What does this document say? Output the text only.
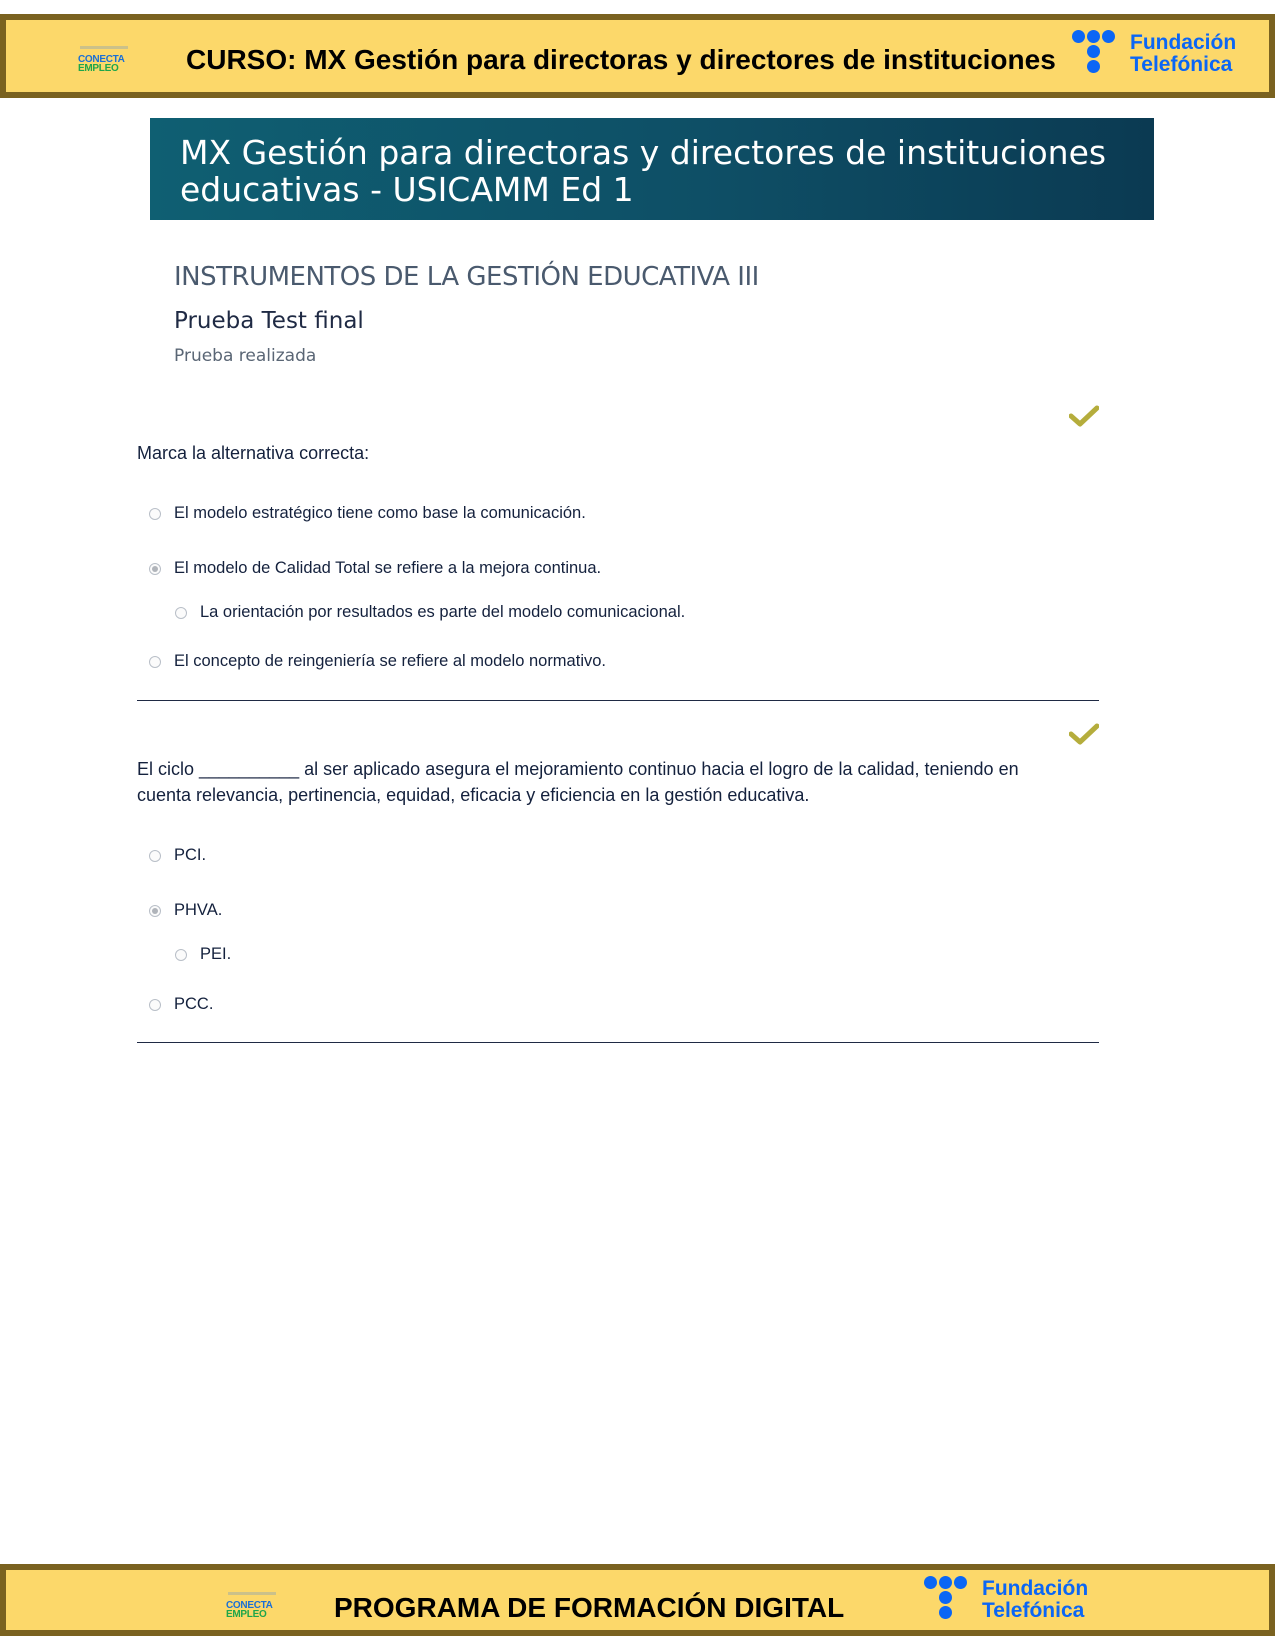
CONECTA
EMPLEO CURSO: MX Gestión para directoras y directores de instituciones
Fundación
Telefónica
MX Gestión para directoras y directores de instituciones educativas - USICAMM Ed 1
INSTRUMENTOS DE LA GESTIÓN EDUCATIVA III
Prueba Test final
Prueba realizada
Marca la alternativa correcta:
El modelo estratégico tiene como base la comunicación.
El modelo de Calidad Total se refiere a la mejora continua.
La orientación por resultados es parte del modelo comunicacional.
El concepto de reingeniería se refiere al modelo normativo.
El ciclo __________ al ser aplicado asegura el mejoramiento continuo hacia el logro de la calidad, teniendo en cuenta relevancia, pertinencia, equidad, eficacia y eficiencia en la gestión educativa.
PCI.
PHVA.
PEI.
PCC.
CONECTA
EMPLEO PROGRAMA DE FORMACIÓN DIGITAL
Fundación
Telefónica
